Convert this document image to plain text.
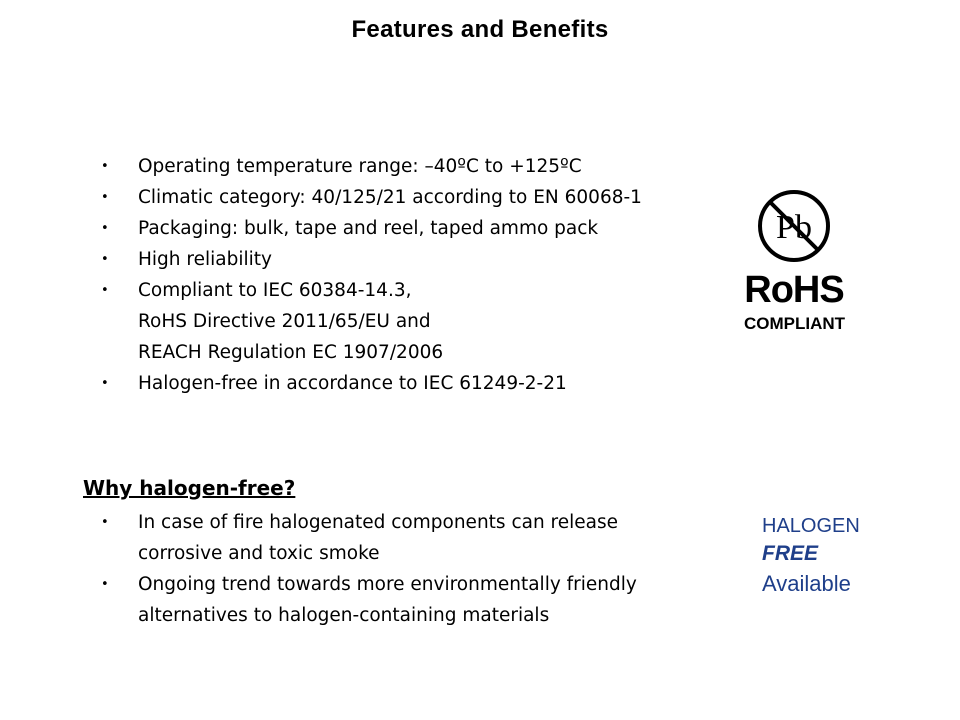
Features and Benefits
• Operating temperature range: –40ºC to +125ºC
• Climatic category: 40/125/21 according to EN 60068-1
• Packaging: bulk, tape and reel, taped ammo pack
• High reliability
• Compliant to IEC 60384-14.3,
RoHS Directive 2011/65/EU and
REACH Regulation EC 1907/2006
• Halogen-free in accordance to IEC 61249-2-21
Pb
RoHS
COMPLIANT
Why halogen-free?
• In case of fire halogenated components can release
corrosive and toxic smoke
• Ongoing trend towards more environmentally friendly
alternatives to halogen-containing materials
HALOGEN
FREE
Available
